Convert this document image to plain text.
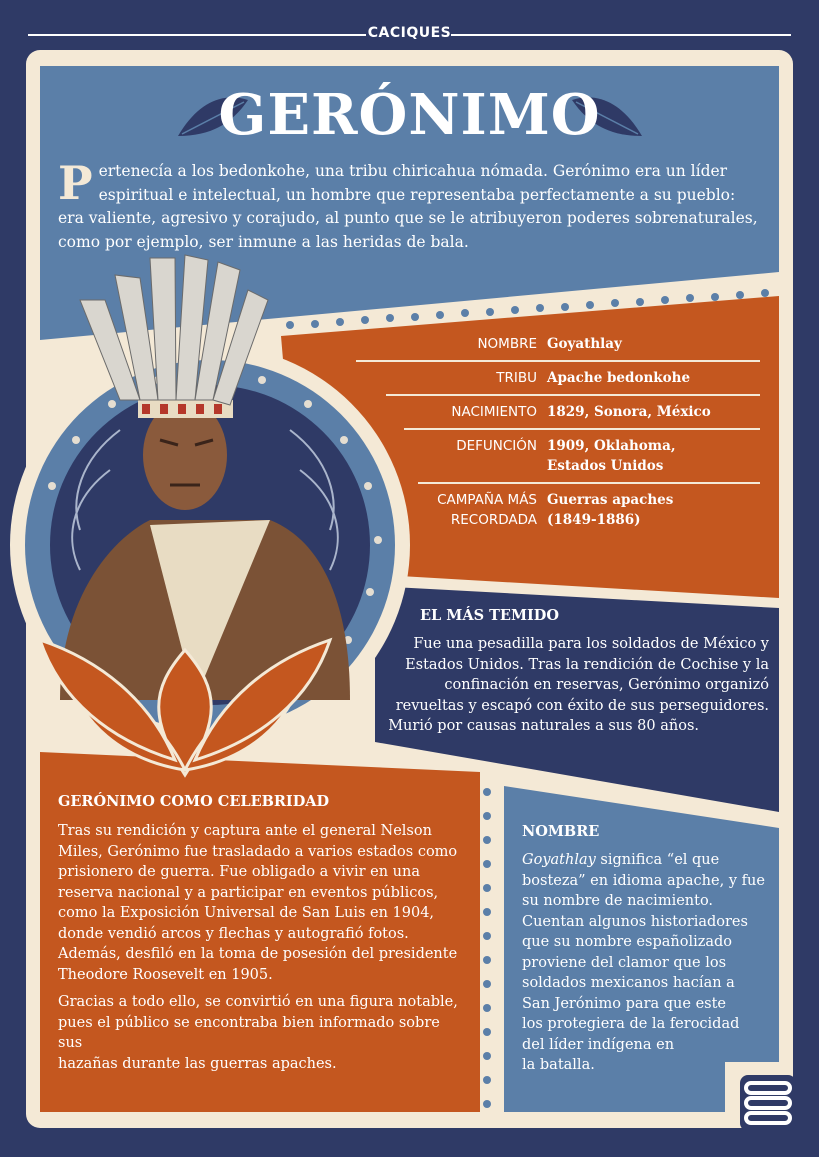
CACIQUES
GERÓNIMO
Pertenecía a los bedonkohe, una tribu chiricahua nómada. Gerónimo era un líder espiritual e intelectual, un hombre que representaba perfectamente a su pueblo: era valiente, agresivo y corajudo, al punto que se le atribuyeron poderes sobrenaturales, como por ejemplo, ser inmune a las heridas de bala.
NOMBRE Goyathlay
TRIBU Apache bedonkohe
NACIMIENTO 1829, Sonora, México
DEFUNCIÓN 1909, Oklahoma,
Estados Unidos
CAMPAÑA MÁS
RECORDADA
Guerras apaches
(1849-1886)
EL MÁS TEMIDO
Fue una pesadilla para los soldados de México y
Estados Unidos. Tras la rendición de Cochise y la
confinación en reservas, Gerónimo organizó
revueltas y escapó con éxito de sus perseguidores.
Murió por causas naturales a sus 80 años.
GERÓNIMO COMO CELEBRIDAD
Tras su rendición y captura ante el general Nelson
Miles, Gerónimo fue trasladado a varios estados como
prisionero de guerra. Fue obligado a vivir en una
reserva nacional y a participar en eventos públicos,
como la Exposición Universal de San Luis en 1904,
donde vendió arcos y flechas y autografió fotos.
Además, desfiló en la toma de posesión del presidente
Theodore Roosevelt en 1905.
Gracias a todo ello, se convirtió en una figura notable,
pues el público se encontraba bien informado sobre sus
hazañas durante las guerras apaches.
NOMBRE
Goyathlay significa “el que
bosteza” en idioma apache, y fue
su nombre de nacimiento.
Cuentan algunos historiadores
que su nombre españolizado
proviene del clamor que los
soldados mexicanos hacían a
San Jerónimo para que este
los protegiera de la ferocidad
del líder indígena en
la batalla.
